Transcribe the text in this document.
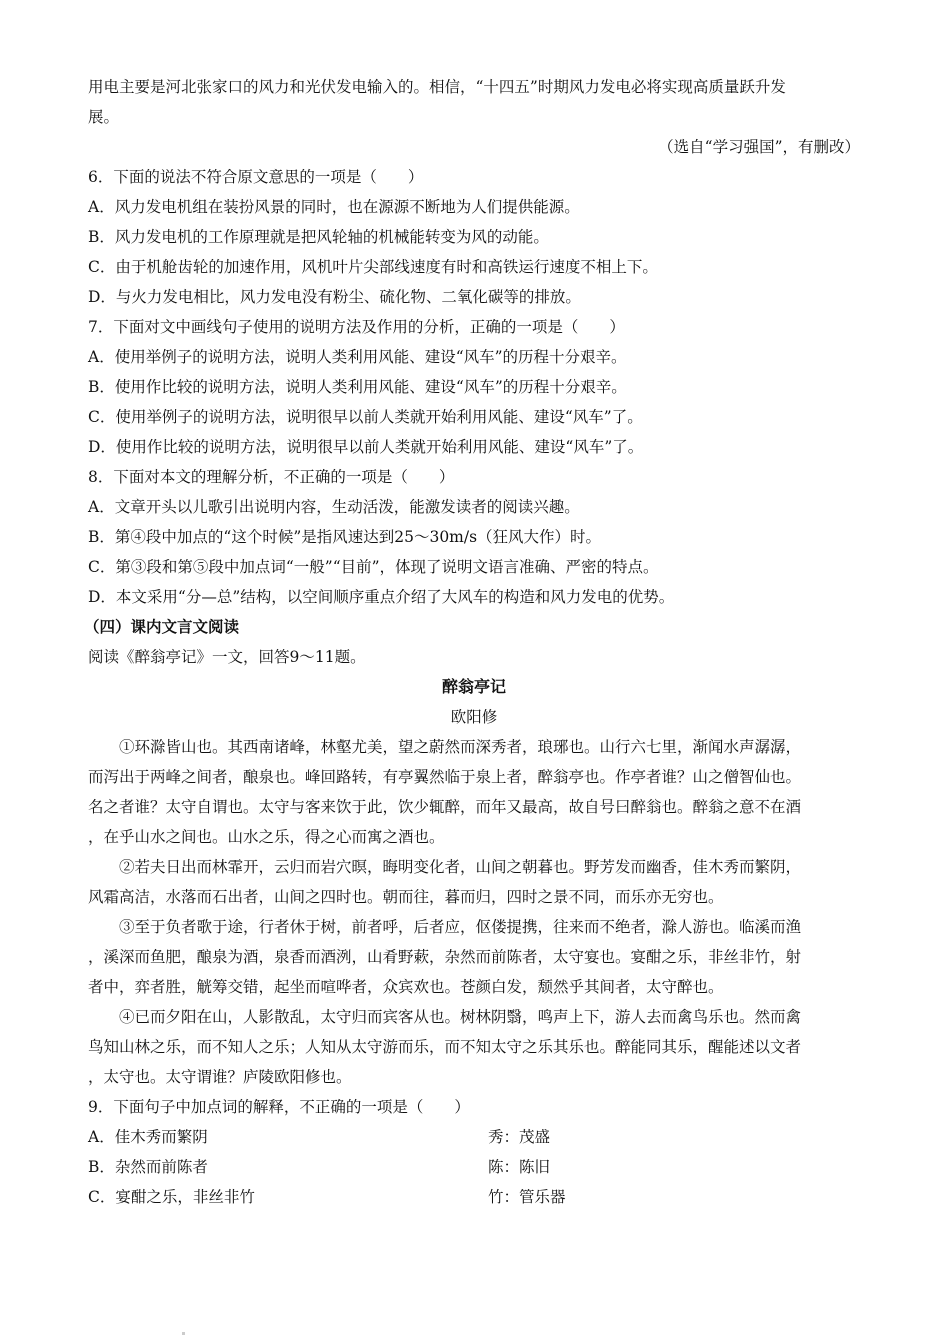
用电主要是河北张家口的风力和光伏发电输入的。相信，“十四五”时期风力发电必将实现高质量跃升发

展。

（选自“学习强国”，有删改）

6．下面的说法不符合原文意思的一项是（　　）

A．风力发电机组在装扮风景的同时，也在源源不断地为人们提供能源。

B．风力发电机的工作原理就是把风轮轴的机械能转变为风的动能。

C．由于机舱齿轮的加速作用，风机叶片尖部线速度有时和高铁运行速度不相上下。

D．与火力发电相比，风力发电没有粉尘、硫化物、二氧化碳等的排放。

7．下面对文中画线句子使用的说明方法及作用的分析，正确的一项是（　　）

A．使用举例子的说明方法，说明人类利用风能、建设“风车”的历程十分艰辛。

B．使用作比较的说明方法，说明人类利用风能、建设“风车”的历程十分艰辛。

C．使用举例子的说明方法，说明很早以前人类就开始利用风能、建设“风车”了。

D．使用作比较的说明方法，说明很早以前人类就开始利用风能、建设“风车”了。

8．下面对本文的理解分析，不正确的一项是（　　）

A．文章开头以儿歌引出说明内容，生动活泼，能激发读者的阅读兴趣。

B．第④段中加点的“这个时候”是指风速达到25～30m/s（狂风大作）时。

C．第③段和第⑤段中加点词“一般”“目前”，体现了说明文语言准确、严密的特点。

D．本文采用“分—总”结构，以空间顺序重点介绍了大风车的构造和风力发电的优势。

（四）课内文言文阅读

阅读《醉翁亭记》一文，回答9～11题。

醉翁亭记

欧阳修

①环滁皆山也。其西南诸峰，林壑尤美，望之蔚然而深秀者，琅琊也。山行六七里，渐闻水声潺潺，

而泻出于两峰之间者，酿泉也。峰回路转，有亭翼然临于泉上者，醉翁亭也。作亭者谁？山之僧智仙也。

名之者谁？太守自谓也。太守与客来饮于此，饮少辄醉，而年又最高，故自号曰醉翁也。醉翁之意不在酒

，在乎山水之间也。山水之乐，得之心而寓之酒也。

②若夫日出而林霏开，云归而岩穴暝，晦明变化者，山间之朝暮也。野芳发而幽香，佳木秀而繁阴，

风霜高洁，水落而石出者，山间之四时也。朝而往，暮而归，四时之景不同，而乐亦无穷也。

③至于负者歌于途，行者休于树，前者呼，后者应，伛偻提携，往来而不绝者，滁人游也。临溪而渔

，溪深而鱼肥，酿泉为酒，泉香而酒洌，山肴野蔌，杂然而前陈者，太守宴也。宴酣之乐，非丝非竹，射

者中，弈者胜，觥筹交错，起坐而喧哗者，众宾欢也。苍颜白发，颓然乎其间者，太守醉也。

④已而夕阳在山，人影散乱，太守归而宾客从也。树林阴翳，鸣声上下，游人去而禽鸟乐也。然而禽

鸟知山林之乐，而不知人之乐；人知从太守游而乐，而不知太守之乐其乐也。醉能同其乐，醒能述以文者

，太守也。太守谓谁？庐陵欧阳修也。

9．下面句子中加点词的解释，不正确的一项是（　　）

A．佳木秀而繁阴	秀：茂盛
B．杂然而前陈者	陈：陈旧
C．宴酣之乐，非丝非竹	竹：管乐器
